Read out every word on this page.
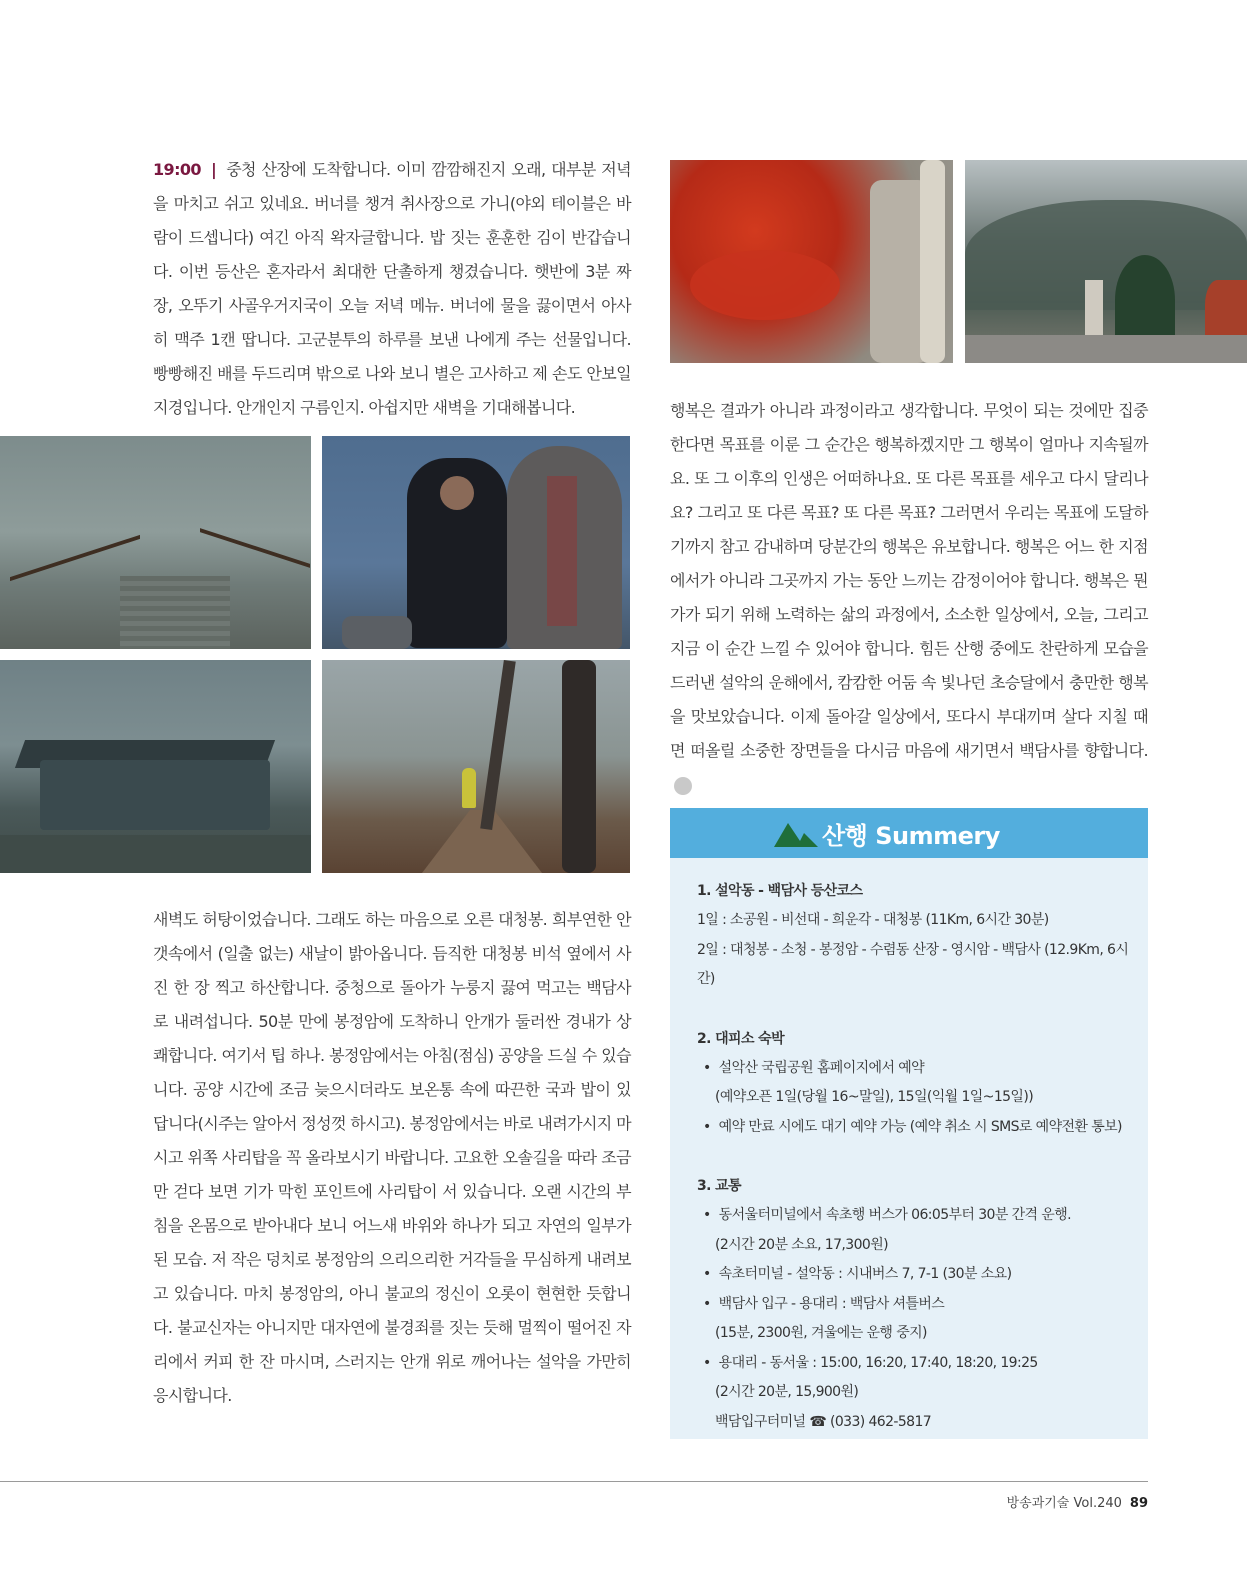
19:00 | 중청 산장에 도착합니다. 이미 깜깜해진지 오래, 대부분 저녁을 마치고 쉬고 있네요. 버너를 챙겨 취사장으로 가니(야외 테이블은 바람이 드셉니다) 여긴 아직 왁자글합니다. 밥 짓는 훈훈한 김이 반갑습니다. 이번 등산은 혼자라서 최대한 단촐하게 챙겼습니다. 햇반에 3분 짜장, 오뚜기 사골우거지국이 오늘 저녁 메뉴. 버너에 물을 끓이면서 아사히 맥주 1캔 땁니다. 고군분투의 하루를 보낸 나에게 주는 선물입니다. 빵빵해진 배를 두드리며 밖으로 나와 보니 별은 고사하고 제 손도 안보일 지경입니다. 안개인지 구름인지. 아쉽지만 새벽을 기대해봅니다.
새벽도 허탕이었습니다. 그래도 하는 마음으로 오른 대청봉. 희부연한 안갯속에서 (일출 없는) 새날이 밝아옵니다. 듬직한 대청봉 비석 옆에서 사진 한 장 찍고 하산합니다. 중청으로 돌아가 누룽지 끓여 먹고는 백담사로 내려섭니다. 50분 만에 봉정암에 도착하니 안개가 둘러싼 경내가 상쾌합니다. 여기서 팁 하나. 봉정암에서는 아침(점심) 공양을 드실 수 있습니다. 공양 시간에 조금 늦으시더라도 보온통 속에 따끈한 국과 밥이 있답니다(시주는 알아서 정성껏 하시고). 봉정암에서는 바로 내려가시지 마시고 위쪽 사리탑을 꼭 올라보시기 바랍니다. 고요한 오솔길을 따라 조금만 걷다 보면 기가 막힌 포인트에 사리탑이 서 있습니다. 오랜 시간의 부침을 온몸으로 받아내다 보니 어느새 바위와 하나가 되고 자연의 일부가 된 모습. 저 작은 덩치로 봉정암의 으리으리한 거각들을 무심하게 내려보고 있습니다. 마치 봉정암의, 아니 불교의 정신이 오롯이 현현한 듯합니다. 불교신자는 아니지만 대자연에 불경죄를 짓는 듯해 멀찍이 떨어진 자리에서 커피 한 잔 마시며, 스러지는 안개 위로 깨어나는 설악을 가만히 응시합니다.
행복은 결과가 아니라 과정이라고 생각합니다. 무엇이 되는 것에만 집중한다면 목표를 이룬 그 순간은 행복하겠지만 그 행복이 얼마나 지속될까요. 또 그 이후의 인생은 어떠하나요. 또 다른 목표를 세우고 다시 달리나요? 그리고 또 다른 목표? 또 다른 목표? 그러면서 우리는 목표에 도달하기까지 참고 감내하며 당분간의 행복은 유보합니다. 행복은 어느 한 지점에서가 아니라 그곳까지 가는 동안 느끼는 감정이어야 합니다. 행복은 뭔가가 되기 위해 노력하는 삶의 과정에서, 소소한 일상에서, 오늘, 그리고 지금 이 순간 느낄 수 있어야 합니다. 힘든 산행 중에도 찬란하게 모습을 드러낸 설악의 운해에서, 캄캄한 어둠 속 빛나던 초승달에서 충만한 행복을 맛보았습니다. 이제 돌아갈 일상에서, 또다시 부대끼며 살다 지칠 때면 떠올릴 소중한 장면들을 다시금 마음에 새기면서 백담사를 향합니다.
산행 Summery

1. 설악동 - 백담사 등산코스

1일 : 소공원 - 비선대 - 희운각 - 대청봉 (11Km, 6시간 30분)

2일 : 대청봉 - 소청 - 봉정암 - 수렴동 산장 - 영시암 - 백담사 (12.9Km, 6시간)

2. 대피소 숙박

• 설악산 국립공원 홈페이지에서 예약

(예약오픈 1일(당월 16~말일), 15일(익월 1일~15일))

• 예약 만료 시에도 대기 예약 가능 (예약 취소 시 SMS로 예약전환 통보)

3. 교통

• 동서울터미널에서 속초행 버스가 06:05부터 30분 간격 운행.

(2시간 20분 소요, 17,300원)

• 속초터미널 - 설악동 : 시내버스 7, 7-1 (30분 소요)

• 백담사 입구 - 용대리 : 백담사 셔틀버스

(15분, 2300원, 겨울에는 운행 중지)

• 용대리 - 동서울 : 15:00, 16:20, 17:40, 18:20, 19:25

(2시간 20분, 15,900원)

백담입구터미널 ☎ (033) 462-5817

방송과기술 Vol.240 89
